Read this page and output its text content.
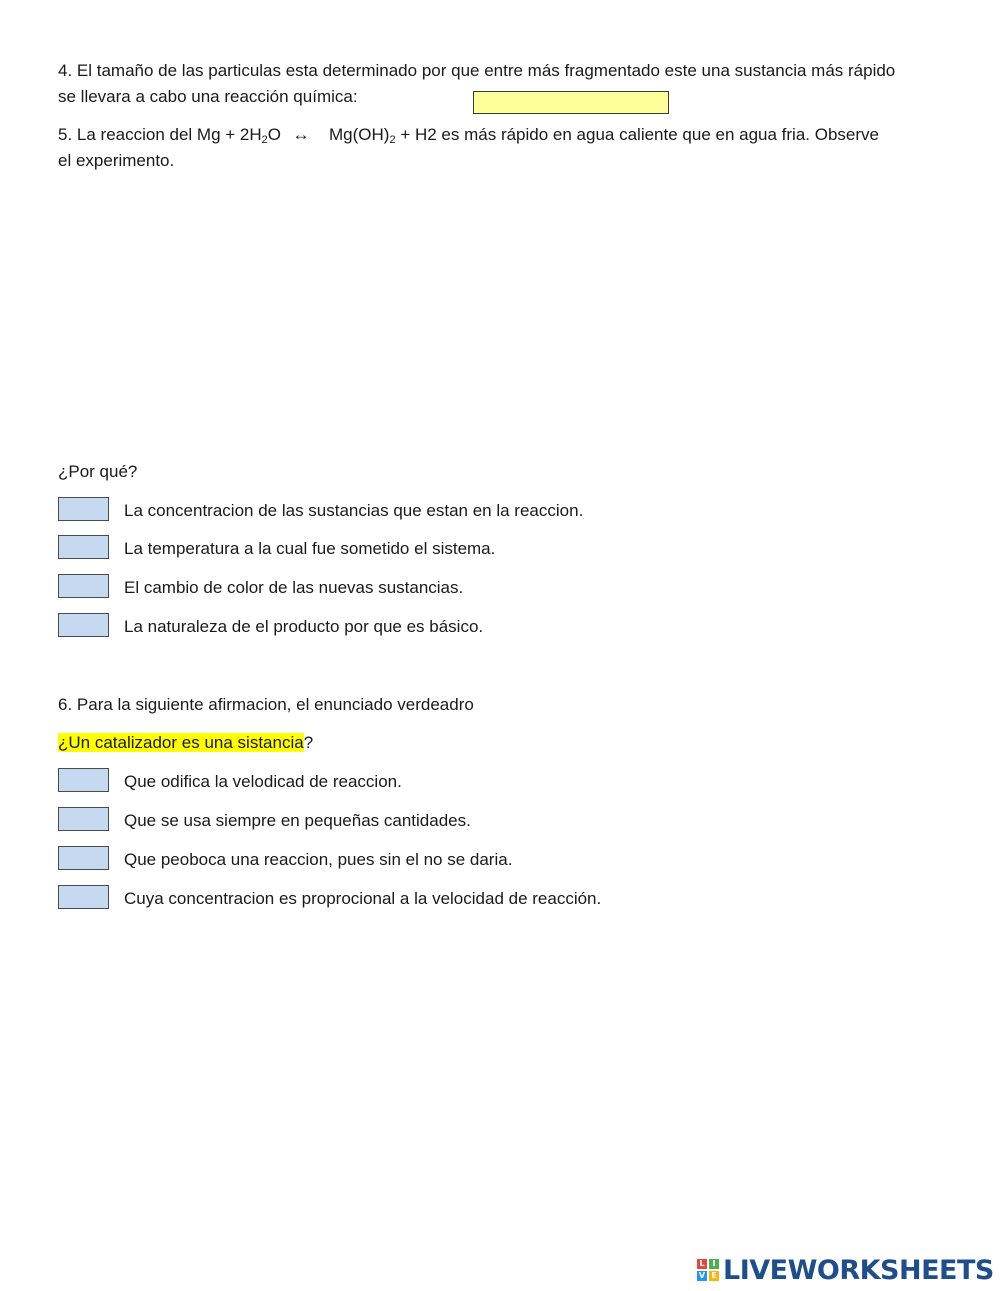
4. El tamaño de las particulas esta determinado por que entre más fragmentado este una sustancia más rápido
se llevara a cabo una reacción química:
5. La reaccion del $Mg + 2H_2O$ ↔ $Mg(OH)_2 + H2$ es más rápido en agua caliente que en agua fria. Observe
el experimento.
¿Por qué?
La concentracion de las sustancias que estan en la reaccion.
La temperatura a la cual fue sometido el sistema.
El cambio de color de las nuevas sustancias.
La naturaleza de el producto por que es básico.
6. Para la siguiente afirmacion, el enunciado verdeadro
¿Un catalizador es una sistancia?
Que odifica la velodicad de reaccion.
Que se usa siempre en pequeñas cantidades.
Que peoboca una reaccion, pues sin el no se daria.
Cuya concentracion es proprocional a la velocidad de reacción.
L I
V E LIVEWORKSHEETS
